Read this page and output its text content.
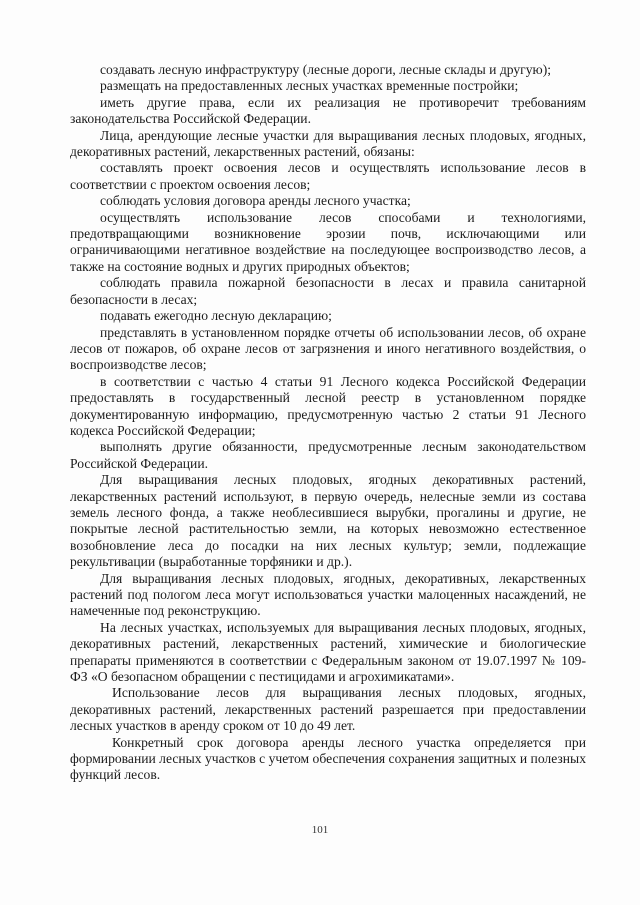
создавать лесную инфраструктуру (лесные дороги, лесные склады и другую);

размещать на предоставленных лесных участках временные постройки;

иметь другие права, если их реализация не противоречит требованиям законодательства Российской Федерации.

Лица, арендующие лесные участки для выращивания лесных плодовых, ягодных, декоративных растений, лекарственных растений, обязаны:

составлять проект освоения лесов и осуществлять использование лесов в соответствии с проектом освоения лесов;

соблюдать условия договора аренды лесного участка;

осуществлять использование лесов способами и технологиями, предотвращающими возникновение эрозии почв, исключающими или ограничивающими негативное воздействие на последующее воспроизводство лесов, а также на состояние водных и других природных объектов;

соблюдать правила пожарной безопасности в лесах и правила санитарной безопасности в лесах;

подавать ежегодно лесную декларацию;

представлять в установленном порядке отчеты об использовании лесов, об охране лесов от пожаров, об охране лесов от загрязнения и иного негативного воздействия, о воспроизводстве лесов;

в соответствии с частью 4 статьи 91 Лесного кодекса Российской Федерации предоставлять в государственный лесной реестр в установленном порядке документированную информацию, предусмотренную частью 2 статьи 91 Лесного кодекса Российской Федерации;

выполнять другие обязанности, предусмотренные лесным законодательством Российской Федерации.

Для выращивания лесных плодовых, ягодных декоративных растений, лекарственных растений используют, в первую очередь, нелесные земли из состава земель лесного фонда, а также необлесившиеся вырубки, прогалины и другие, не покрытые лесной растительностью земли, на которых невозможно естественное возобновление леса до посадки на них лесных культур; земли, подлежащие рекультивации (выработанные торфяники и др.).

Для выращивания лесных плодовых, ягодных, декоративных, лекарственных растений под пологом леса могут использоваться участки малоценных насаждений, не намеченные под реконструкцию.

На лесных участках, используемых для выращивания лесных плодовых, ягодных, декоративных растений, лекарственных растений, химические и биологические препараты применяются в соответствии с Федеральным законом от 19.07.1997 № 109-ФЗ «О безопасном обращении с пестицидами и агрохимикатами».

Использование лесов для выращивания лесных плодовых, ягодных, декоративных растений, лекарственных растений разрешается при предоставлении лесных участков в аренду сроком от 10 до 49 лет.

Конкретный срок договора аренды лесного участка определяется при формировании лесных участков с учетом обеспечения сохранения защитных и полезных функций лесов.

101
